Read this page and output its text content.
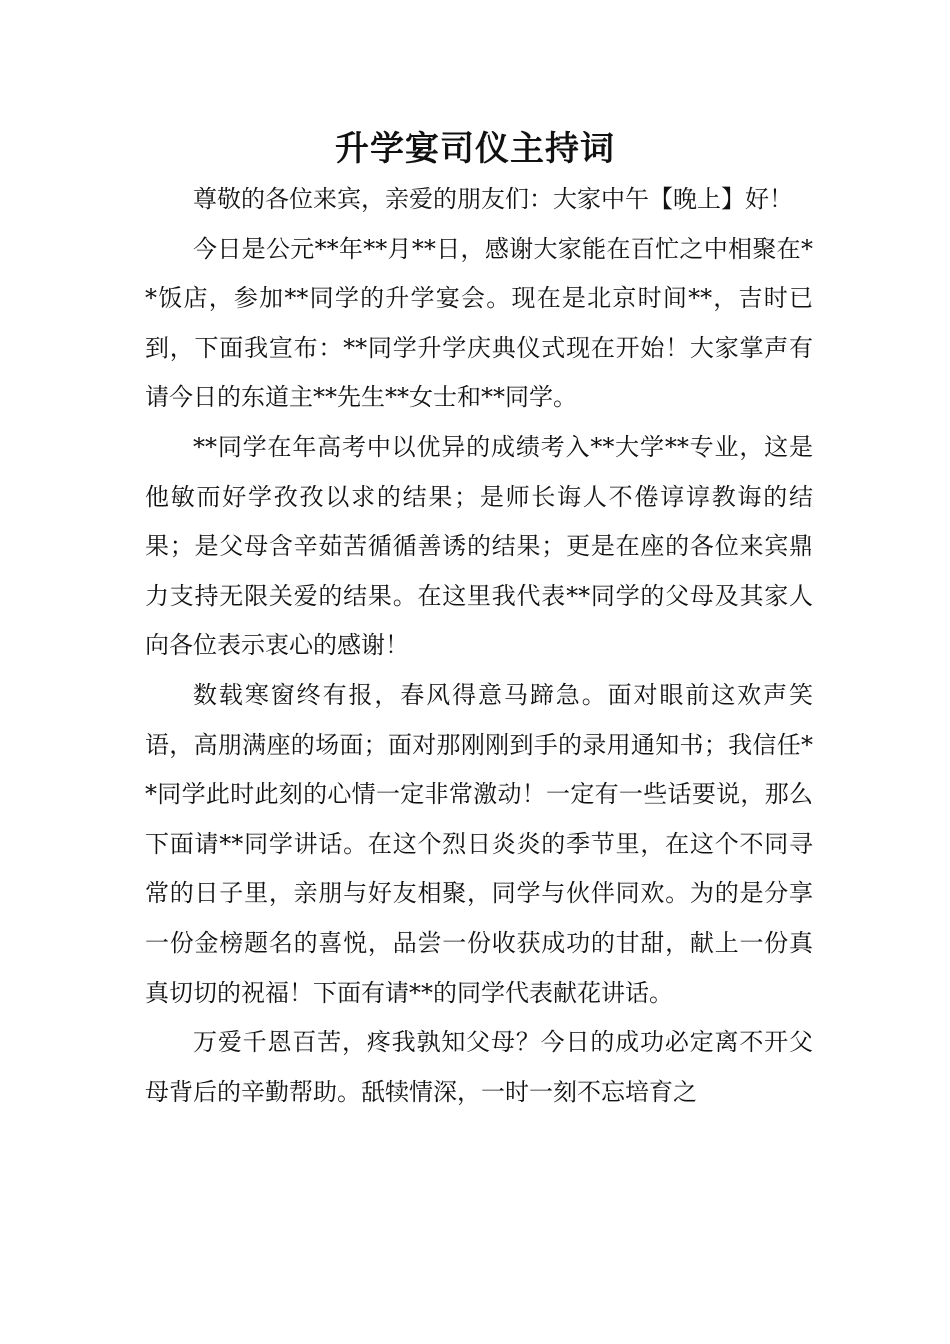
升学宴司仪主持词

尊敬的各位来宾，亲爱的朋友们：大家中午【晚上】好！

今日是公元**年**月**日，感谢大家能在百忙之中相聚在**饭店，参加**同学的升学宴会。现在是北京时间**，吉时已到，下面我宣布：**同学升学庆典仪式现在开始！大家掌声有请今日的东道主**先生**女士和**同学。

**同学在年高考中以优异的成绩考入**大学**专业，这是他敏而好学孜孜以求的结果；是师长诲人不倦谆谆教诲的结果；是父母含辛茹苦循循善诱的结果；更是在座的各位来宾鼎力支持无限关爱的结果。在这里我代表**同学的父母及其家人向各位表示衷心的感谢！

数载寒窗终有报，春风得意马蹄急。面对眼前这欢声笑语，高朋满座的场面；面对那刚刚到手的录用通知书；我信任**同学此时此刻的心情一定非常激动！一定有一些话要说，那么下面请**同学讲话。在这个烈日炎炎的季节里，在这个不同寻常的日子里，亲朋与好友相聚，同学与伙伴同欢。为的是分享一份金榜题名的喜悦，品尝一份收获成功的甘甜，献上一份真真切切的祝福！下面有请**的同学代表献花讲话。

万爱千恩百苦，疼我孰知父母？今日的成功必定离不开父母背后的辛勤帮助。舐犊情深，一时一刻不忘培育之
